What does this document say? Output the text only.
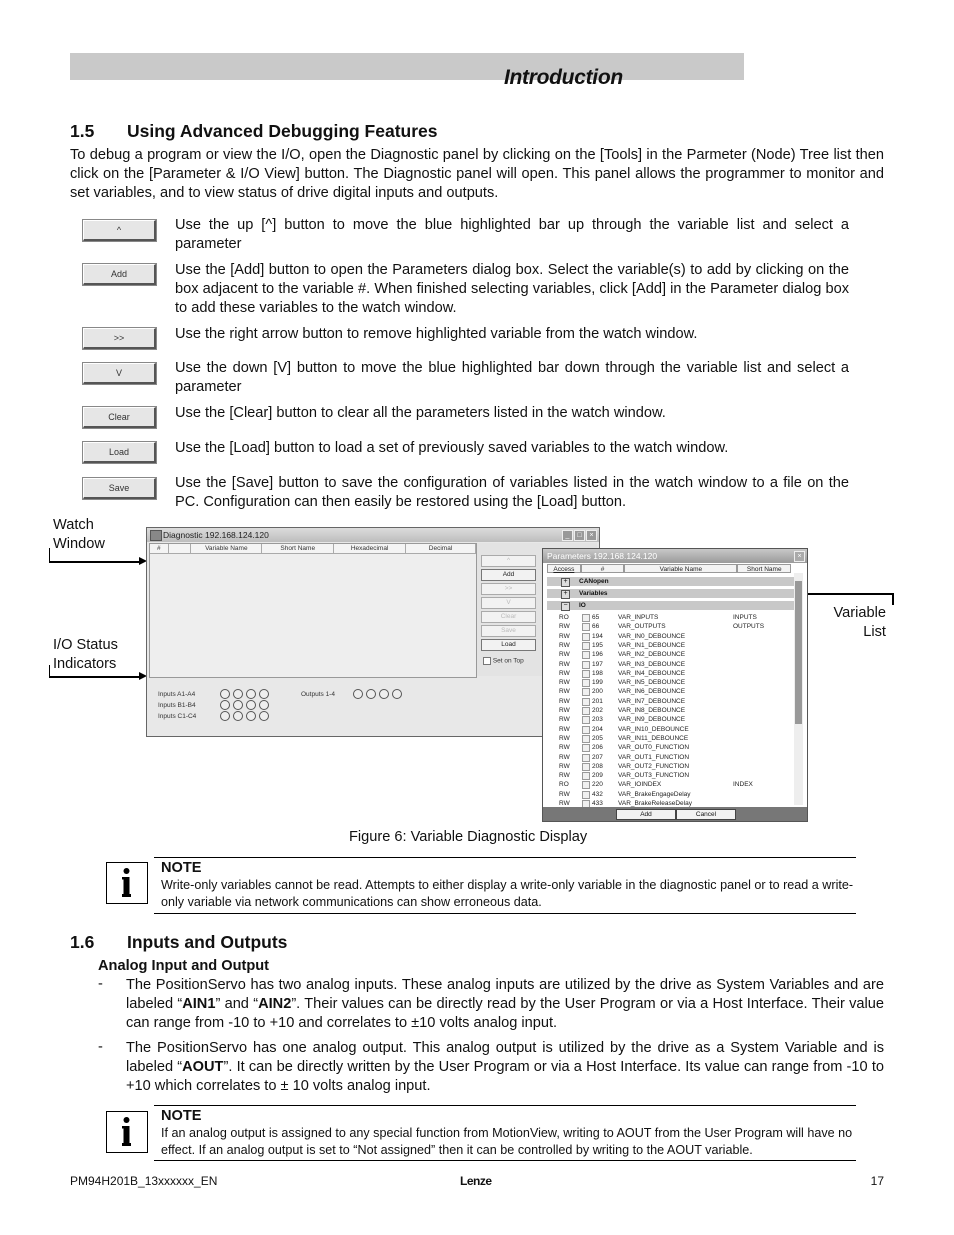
Introduction
1.5 Using Advanced Debugging Features
To debug a program or view the I/O, open the Diagnostic panel by clicking on the [Tools] in the Parmeter (Node) Tree list then click on the [Parameter & I/O View] button. The Diagnostic panel will open. This panel allows the programmer to monitor and set variables, and to view status of drive digital inputs and outputs.
^	Use the up [^] button to move the blue highlighted bar up through the variable list and select a parameter
Add	Use the [Add] button to open the Parameters dialog box. Select the variable(s) to add by clicking on the box adjacent to the variable #. When finished selecting variables, click [Add] in the Parameter dialog box to add these variables to the watch window.
>>	Use the right arrow button to remove highlighted variable from the watch window.
V	Use the down [V] button to move the blue highlighted bar down through the variable list and select a parameter
Clear	Use the [Clear] button to clear all the parameters listed in the watch window.
Load	Use the [Load] button to load a set of previously saved variables to the watch window.
Save	Use the [Save] button to save the configuration of variables listed in the watch window to a file on the PC. Configuration can then easily be restored using the [Load] button.
Watch
Window
I/O Status
Indicators
Variable
List
Diagnostic 192.168.124.120	_	□	×
#	Variable Name	Short Name	Hexadecimal	Decimal
^
Add
>>
V
Clear
Save
Load
Set on Top
Inputs A1-A4
Inputs B1-B4
Inputs C1-C4
Outputs 1-4
Parameters 192.168.124.120	×
Access	#	Variable Name	Short Name
+	CANopen
+	Variables
−	IO
RO	65	VAR_INPUTS	INPUTS
RW	66	VAR_OUTPUTS	OUTPUTS
RW	194 VAR_IN0_DEBOUNCE
RW	195 VAR_IN1_DEBOUNCE
RW	196 VAR_IN2_DEBOUNCE
RW	197 VAR_IN3_DEBOUNCE
RW	198 VAR_IN4_DEBOUNCE
RW	199 VAR_IN5_DEBOUNCE
RW	200 VAR_IN6_DEBOUNCE
RW	201 VAR_IN7_DEBOUNCE
RW	202 VAR_IN8_DEBOUNCE
RW	203 VAR_IN9_DEBOUNCE
RW	204 VAR_IN10_DEBOUNCE
RW	205 VAR_IN11_DEBOUNCE
RW	206 VAR_OUT0_FUNCTION
RW	207 VAR_OUT1_FUNCTION
RW	208 VAR_OUT2_FUNCTION
RW	209 VAR_OUT3_FUNCTION
RO	220 VAR_IOINDEX	INDEX
RW	432 VAR_BrakeEngageDelay
RW	433 VAR_BrakeReleaseDelay
Add	Cancel
Figure 6: Variable Diagnostic Display
NOTE
Write-only variables cannot be read. Attempts to either display a write-only variable in the diagnostic panel or to read a write-only variable via network communications can show erroneous data.
1.6 Inputs and Outputs
Analog Input and Output
- The PositionServo has two analog inputs. These analog inputs are utilized by the drive as System Variables and are labeled “AIN1” and “AIN2”. Their values can be directly read by the User Program or via a Host Interface. Their value can range from -10 to +10 and correlates to ±10 volts analog input.
- The PositionServo has one analog output. This analog output is utilized by the drive as a System Variable and is labeled “AOUT”. It can be directly written by the User Program or via a Host Interface. Its value can range from -10 to +10 which correlates to ± 10 volts analog input.
NOTE
If an analog output is assigned to any special function from MotionView, writing to AOUT from the User Program will have no effect. If an analog output is set to “Not assigned” then it can be controlled by writing to the AOUT variable.
PM94H201B_13xxxxxx_EN	Lenze	17
